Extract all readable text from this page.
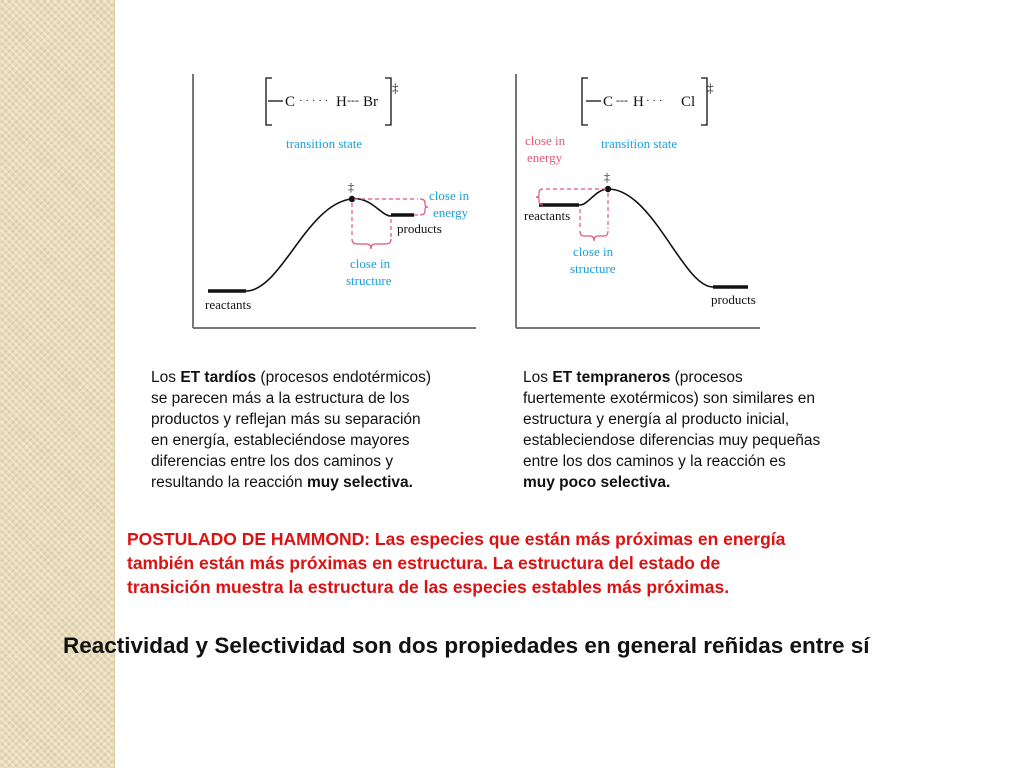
C · · · · · H --- Br
‡
transition state
‡
close in
energy
close in
structure
reactants
products
C --- H · · · Cl
‡
transition state
‡
close in
energy
close in
structure
reactants
products
Los ET tardíos (procesos endotérmicos)
se parecen más a la estructura de los
productos y reflejan más su separación
en energía, estableciéndose mayores
diferencias entre los dos caminos y
resultando la reacción muy selectiva.
Los ET tempraneros (procesos
fuertemente exotérmicos) son similares en
estructura y energía al producto inicial,
estableciendose diferencias muy pequeñas
entre los dos caminos y la reacción es
muy poco selectiva.
POSTULADO DE HAMMOND: Las especies que están más próximas en energía
también están más próximas en estructura. La estructura del estado de
transición muestra la estructura de las especies estables más próximas.
Reactividad y Selectividad son dos propiedades en general reñidas entre sí
